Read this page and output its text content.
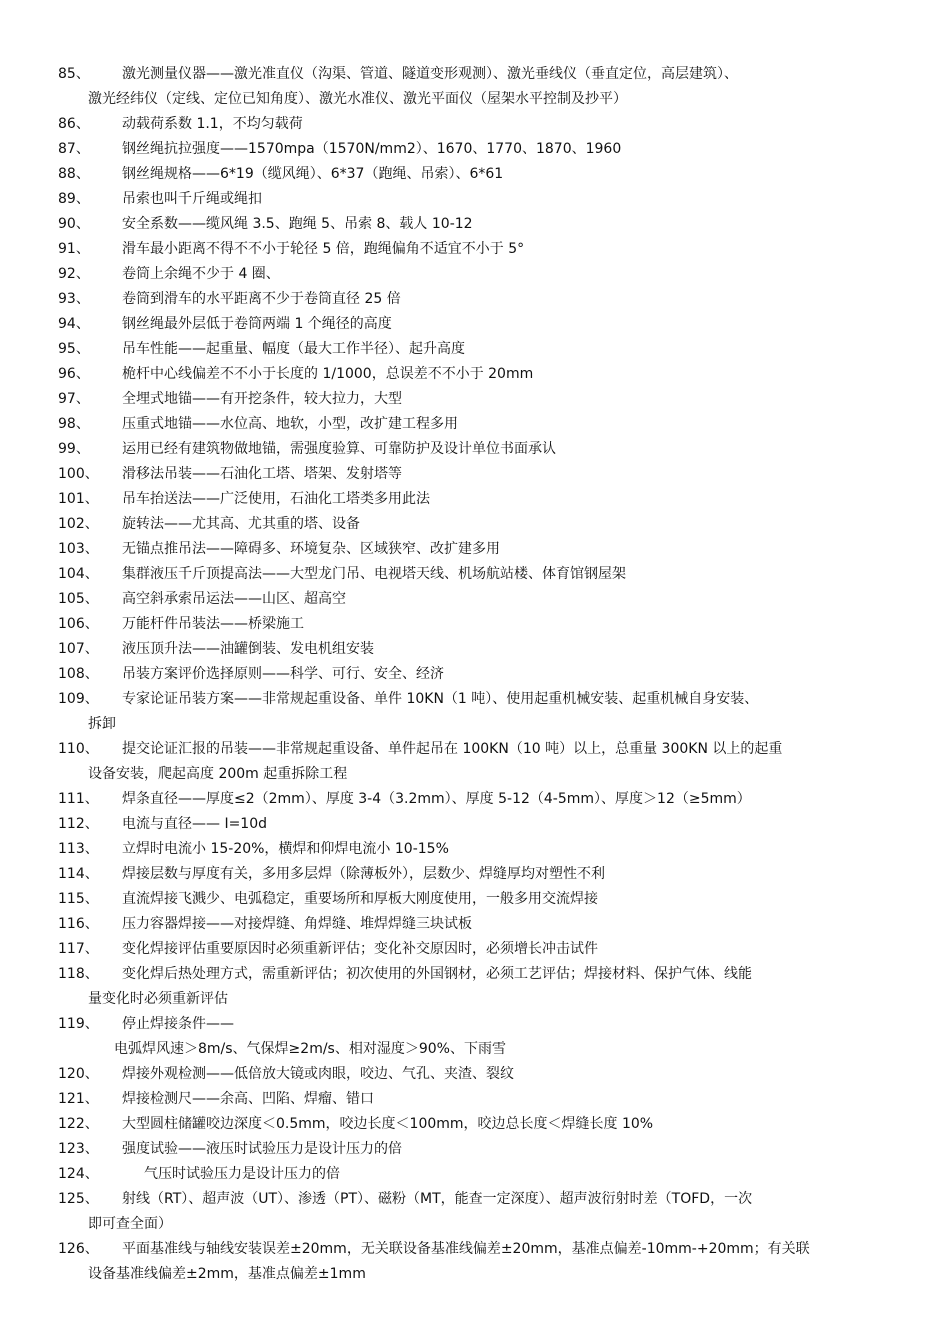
85、	激光测量仪器——激光准直仪（沟渠、管道、隧道变形观测）、激光垂线仪（垂直定位，高层建筑）、
激光经纬仪（定线、定位已知角度）、激光水准仪、激光平面仪（屋架水平控制及抄平）
86、	动载荷系数 1.1，不均匀载荷
87、	钢丝绳抗拉强度——1570mpa（1570N/mm2）、1670、1770、1870、1960
88、	钢丝绳规格——6*19（缆风绳）、6*37（跑绳、吊索）、6*61
89、	吊索也叫千斤绳或绳扣
90、	安全系数——缆风绳 3.5、跑绳 5、吊索 8、载人 10-12
91、	滑车最小距离不得不不小于轮径 5 倍，跑绳偏角不适宜不小于 5°
92、	卷筒上余绳不少于 4 圈、
93、	卷筒到滑车的水平距离不少于卷筒直径 25 倍
94、	钢丝绳最外层低于卷筒两端 1 个绳径的高度
95、	吊车性能——起重量、幅度（最大工作半径）、起升高度
96、	桅杆中心线偏差不不小于长度的 1/1000，总误差不不小于 20mm
97、	全埋式地锚——有开挖条件，较大拉力，大型
98、	压重式地锚——水位高、地软，小型，改扩建工程多用
99、	运用已经有建筑物做地锚，需强度验算、可靠防护及设计单位书面承认
100、	滑移法吊装——石油化工塔、塔架、发射塔等
101、	吊车抬送法——广泛使用，石油化工塔类多用此法
102、	旋转法——尤其高、尤其重的塔、设备
103、	无锚点推吊法——障碍多、环境复杂、区域狭窄、改扩建多用
104、	集群液压千斤顶提高法——大型龙门吊、电视塔天线、机场航站楼、体育馆钢屋架
105、	高空斜承索吊运法——山区、超高空
106、	万能杆件吊装法——桥梁施工
107、	液压顶升法——油罐倒装、发电机组安装
108、	吊装方案评价选择原则——科学、可行、安全、经济
109、	专家论证吊装方案——非常规起重设备、单件 10KN（1 吨）、使用起重机械安装、起重机械自身安装、
拆卸
110、	提交论证汇报的吊装——非常规起重设备、单件起吊在 100KN（10 吨）以上，总重量 300KN 以上的起重
设备安装，爬起高度 200m 起重拆除工程
111、	焊条直径——厚度≤2（2mm）、厚度 3-4（3.2mm）、厚度 5-12（4-5mm）、厚度＞12（≥5mm）
112、	电流与直径—— I=10d
113、	立焊时电流小 15-20%，横焊和仰焊电流小 10-15%
114、	焊接层数与厚度有关，多用多层焊（除薄板外），层数少、焊缝厚均对塑性不利
115、	直流焊接飞溅少、电弧稳定，重要场所和厚板大刚度使用，一般多用交流焊接
116、	压力容器焊接——对接焊缝、角焊缝、堆焊焊缝三块试板
117、	变化焊接评估重要原因时必须重新评估；变化补交原因时，必须增长冲击试件
118、	变化焊后热处理方式，需重新评估；初次使用的外国钢材，必须工艺评估；焊接材料、保护气体、线能
量变化时必须重新评估
119、	停止焊接条件——
电弧焊风速＞8m/s、气保焊≥2m/s、相对湿度＞90%、下雨雪
120、	焊接外观检测——低倍放大镜或肉眼，咬边、气孔、夹渣、裂纹
121、	焊接检测尺——余高、凹陷、焊瘤、错口
122、	大型圆柱储罐咬边深度＜0.5mm，咬边长度＜100mm，咬边总长度＜焊缝长度 10%
123、	强度试验——液压时试验压力是设计压力的倍
124、	气压时试验压力是设计压力的倍
125、	射线（RT）、超声波（UT）、渗透（PT）、磁粉（MT，能查一定深度）、超声波衍射时差（TOFD，一次
即可查全面）
126、	平面基准线与轴线安装误差±20mm，无关联设备基准线偏差±20mm，基准点偏差-10mm-+20mm；有关联
设备基准线偏差±2mm，基准点偏差±1mm
